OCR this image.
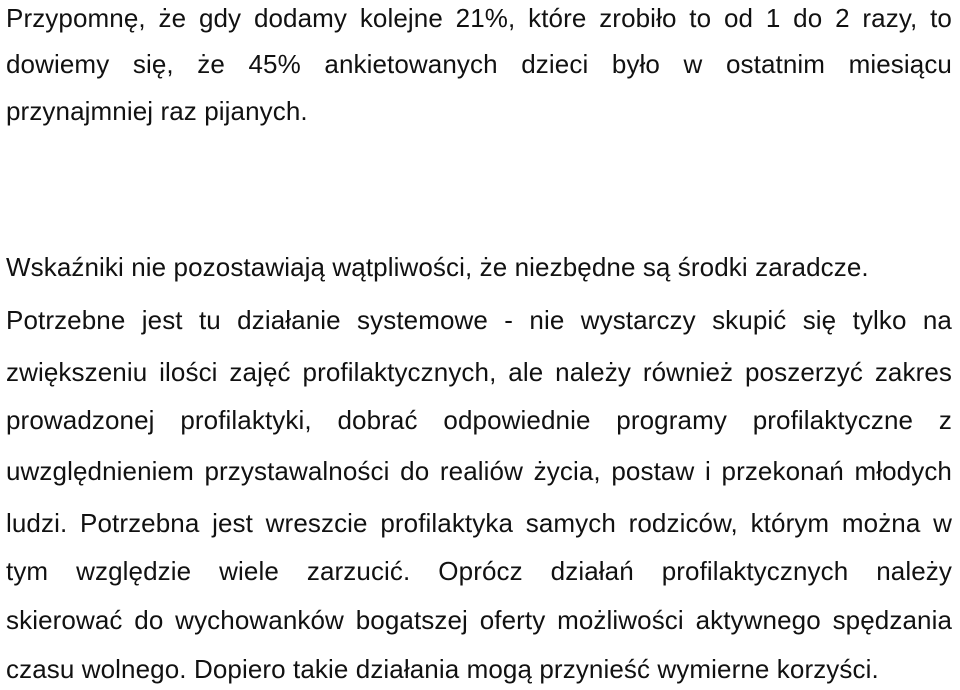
Przypomnę, że gdy dodamy kolejne 21%, które zrobiło to od 1 do 2 razy, to
dowiemy się, że 45% ankietowanych dzieci było w ostatnim miesiącu
przynajmniej raz pijanych.
Wskaźniki nie pozostawiają wątpliwości, że niezbędne są środki zaradcze.
Potrzebne jest tu działanie systemowe - nie wystarczy skupić się tylko na
zwiększeniu ilości zajęć profilaktycznych, ale należy również poszerzyć zakres
prowadzonej profilaktyki, dobrać odpowiednie programy profilaktyczne z
uwzględnieniem przystawalności do realiów życia, postaw i przekonań młodych
ludzi. Potrzebna jest wreszcie profilaktyka samych rodziców, którym można w
tym względzie wiele zarzucić. Oprócz działań profilaktycznych należy
skierować do wychowanków bogatszej oferty możliwości aktywnego spędzania
czasu wolnego. Dopiero takie działania mogą przynieść wymierne korzyści.
